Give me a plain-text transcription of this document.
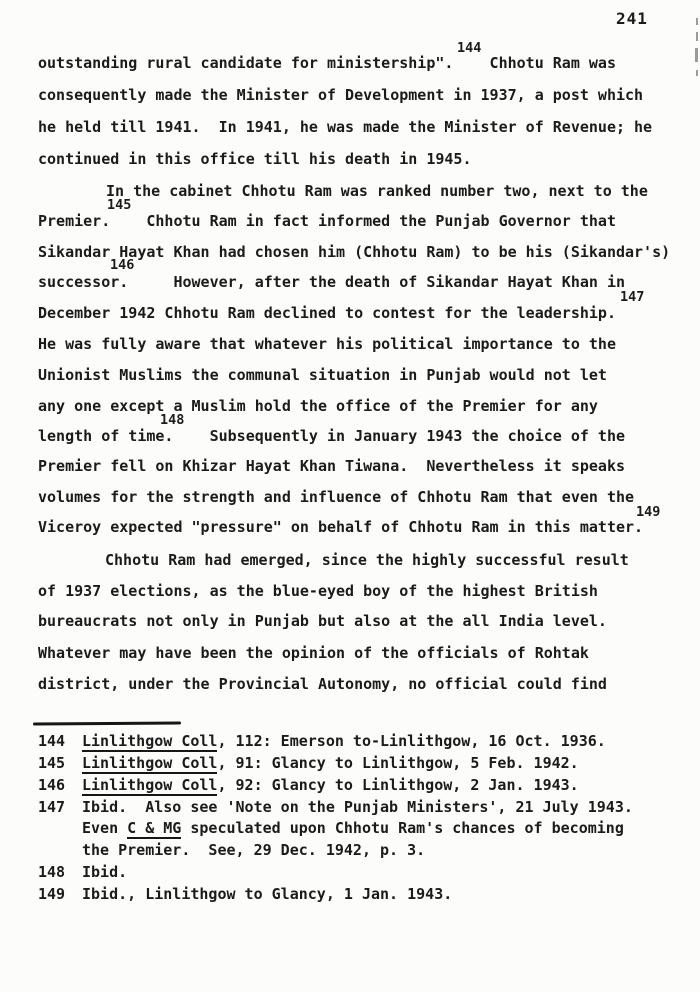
241
outstanding rural candidate for ministership".    Chhotu Ram was
consequently made the Minister of Development in 1937, a post which
he held till 1941.  In 1941, he was made the Minister of Revenue; he
continued in this office till his death in 1945.
In the cabinet Chhotu Ram was ranked number two, next to the
Premier.    Chhotu Ram in fact informed the Punjab Governor that
Sikandar Hayat Khan had chosen him (Chhotu Ram) to be his (Sikandar's)
successor.     However, after the death of Sikandar Hayat Khan in
December 1942 Chhotu Ram declined to contest for the leadership.
He was fully aware that whatever his political importance to the
Unionist Muslims the communal situation in Punjab would not let
any one except a Muslim hold the office of the Premier for any
length of time.    Subsequently in January 1943 the choice of the
Premier fell on Khizar Hayat Khan Tiwana.  Nevertheless it speaks
volumes for the strength and influence of Chhotu Ram that even the
Viceroy expected "pressure" on behalf of Chhotu Ram in this matter.
Chhotu Ram had emerged, since the highly successful result
of 1937 elections, as the blue-eyed boy of the highest British
bureaucrats not only in Punjab but also at the all India level.
Whatever may have been the opinion of the officials of Rohtak
district, under the Provincial Autonomy, no official could find
144
145
146
147
148
149
144 Linlithgow Coll, 112: Emerson to-Linlithgow, 16 Oct. 1936.
145 Linlithgow Coll, 91: Glancy to Linlithgow, 5 Feb. 1942.
146 Linlithgow Coll, 92: Glancy to Linlithgow, 2 Jan. 1943.
147 Ibid.  Also see 'Note on the Punjab Ministers', 21 July 1943.
Even C & MG speculated upon Chhotu Ram's chances of becoming
the Premier.  See, 29 Dec. 1942, p. 3.
148 Ibid.
149 Ibid., Linlithgow to Glancy, 1 Jan. 1943.
